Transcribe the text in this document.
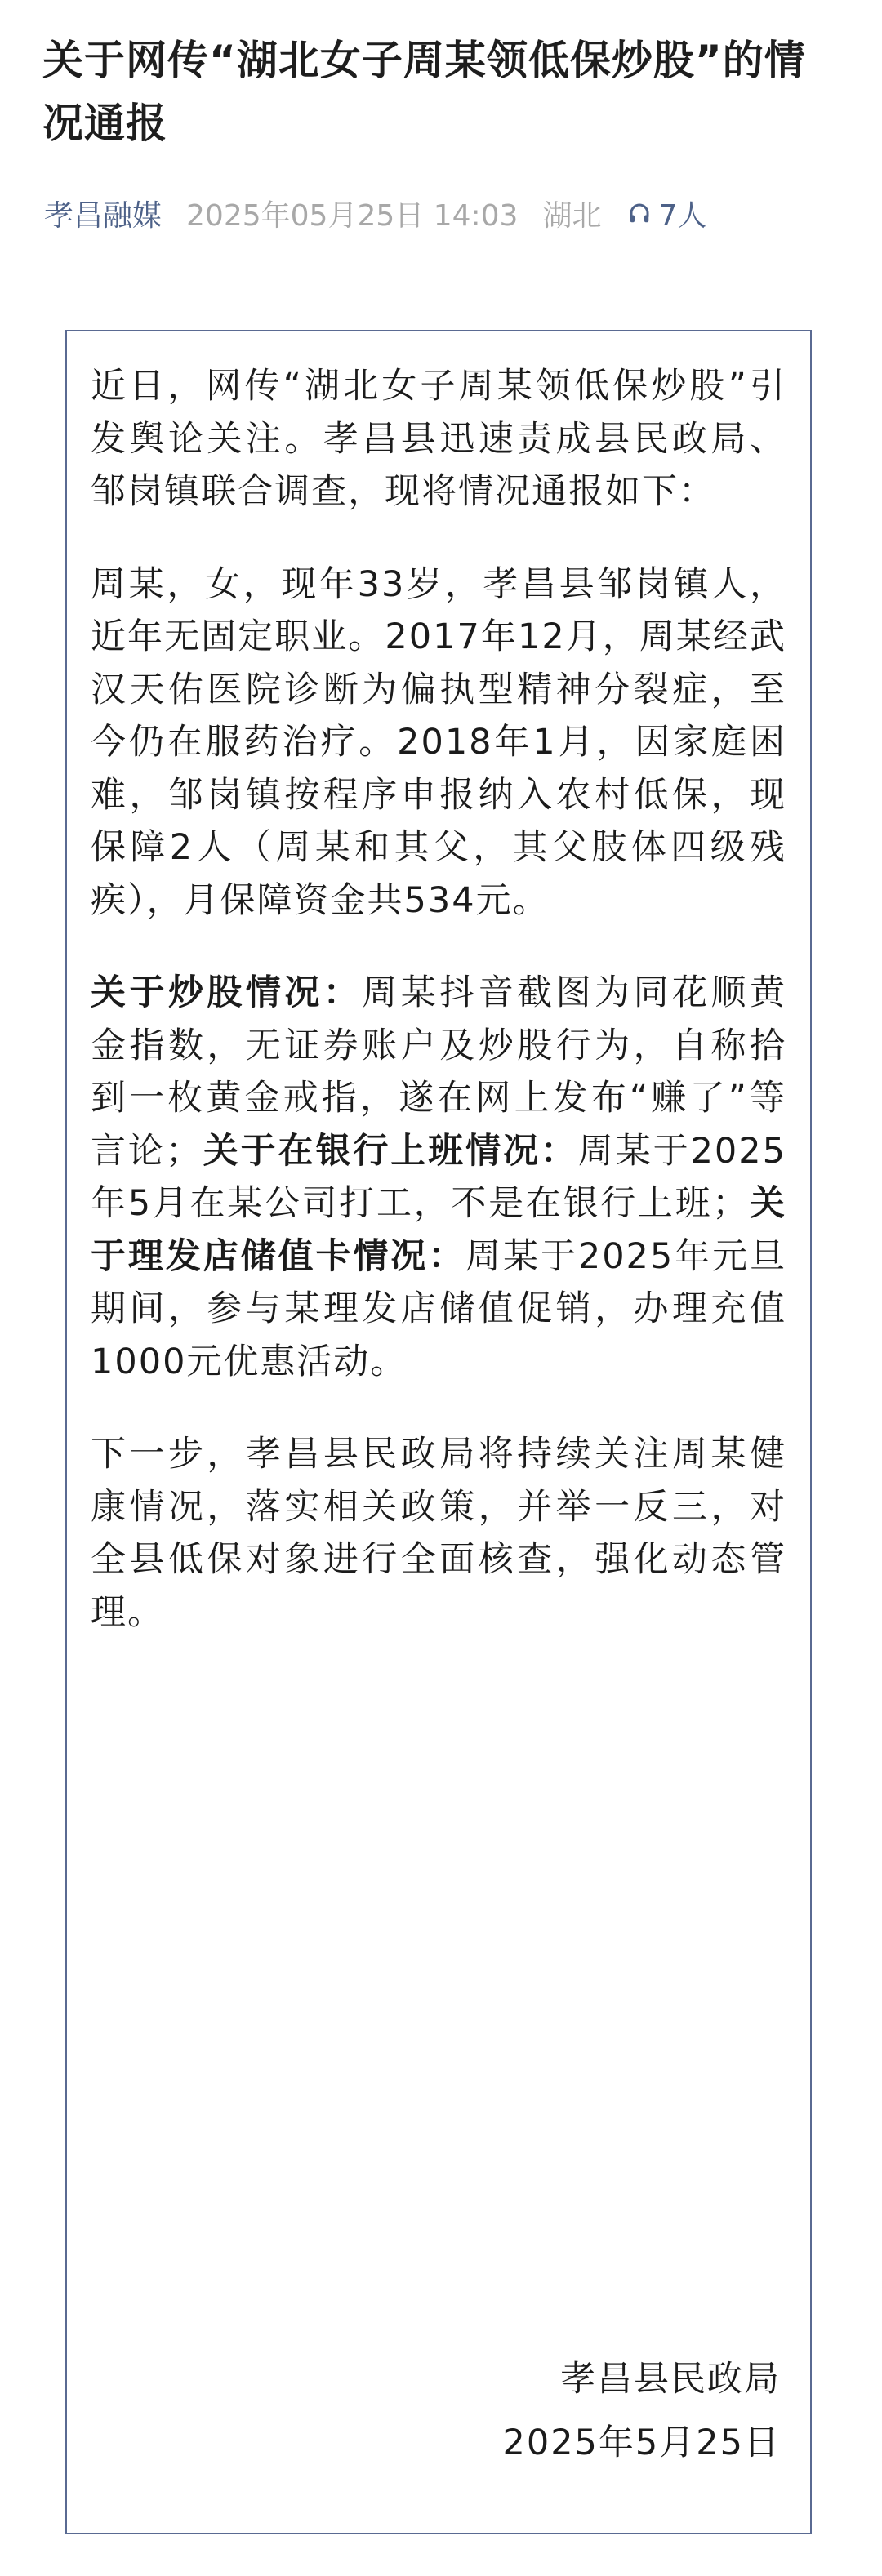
关于网传“湖北女子周某领低保炒股”的情况通报
孝昌融媒 2025年05月25日 14:03 湖北 7人

近日，网传“湖北女子周某领低保炒股”引发舆论关注。孝昌县迅速责成县民政局、邹岗镇联合调查，现将情况通报如下：

周某，女，现年33岁，孝昌县邹岗镇人，近年无固定职业。2017年12月，周某经武汉天佑医院诊断为偏执型精神分裂症，至今仍在服药治疗。2018年1月，因家庭困难，邹岗镇按程序申报纳入农村低保，现保障2人（周某和其父，其父肢体四级残疾），月保障资金共534元。

关于炒股情况：周某抖音截图为同花顺黄金指数，无证券账户及炒股行为，自称拾到一枚黄金戒指，遂在网上发布“赚了”等言论；关于在银行上班情况：周某于2025年5月在某公司打工，不是在银行上班；关于理发店储值卡情况：周某于2025年元旦期间，参与某理发店储值促销，办理充值1000元优惠活动。

下一步，孝昌县民政局将持续关注周某健康情况，落实相关政策，并举一反三，对全县低保对象进行全面核查，强化动态管理。

孝昌县民政局
2025年5月25日
